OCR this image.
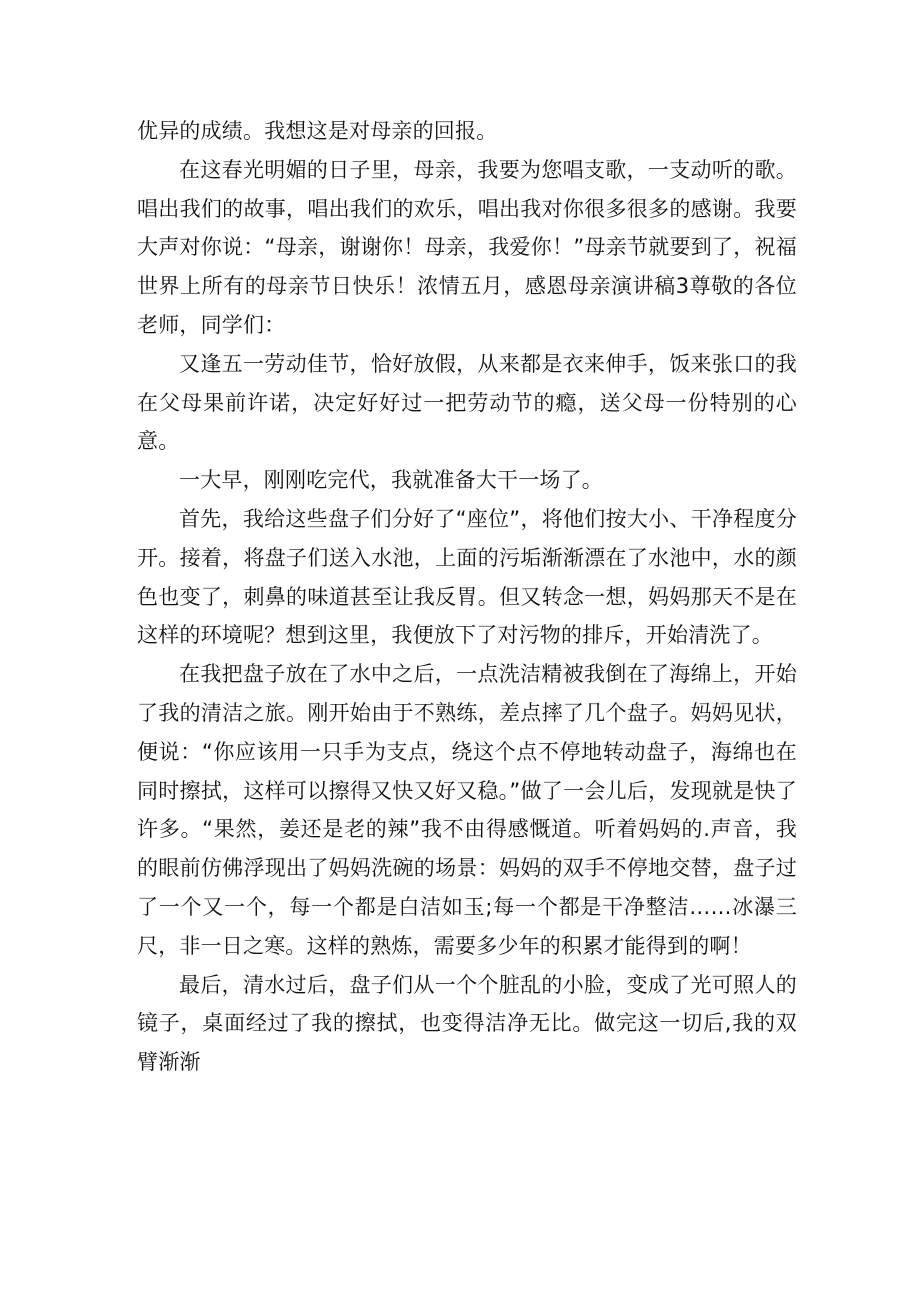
优异的成绩。我想这是对母亲的回报。

在这春光明媚的日子里，母亲，我要为您唱支歌，一支动听的歌。唱出我们的故事，唱出我们的欢乐，唱出我对你很多很多的感谢。我要大声对你说：“母亲，谢谢你！母亲，我爱你！”母亲节就要到了，祝福世界上所有的母亲节日快乐！浓情五月，感恩母亲演讲稿3尊敬的各位老师，同学们：

又逢五一劳动佳节，恰好放假，从来都是衣来伸手，饭来张口的我在父母果前许诺，决定好好过一把劳动节的瘾，送父母一份特别的心意。

一大早，刚刚吃完代，我就准备大干一场了。

首先，我给这些盘子们分好了“座位”，将他们按大小、干净程度分开。接着，将盘子们送入水池，上面的污垢渐渐漂在了水池中，水的颜色也变了，刺鼻的味道甚至让我反胃。但又转念一想，妈妈那天不是在这样的环境呢？想到这里，我便放下了对污物的排斥，开始清洗了。

在我把盘子放在了水中之后，一点洗洁精被我倒在了海绵上，开始了我的清洁之旅。刚开始由于不熟练，差点摔了几个盘子。妈妈见状，便说：“你应该用一只手为支点，绕这个点不停地转动盘子，海绵也在同时擦拭，这样可以擦得又快又好又稳。”做了一会儿后，发现就是快了许多。“果然，姜还是老的辣”我不由得感慨道。听着妈妈的.声音，我的眼前仿佛浮现出了妈妈洗碗的场景：妈妈的双手不停地交替，盘子过了一个又一个，每一个都是白洁如玉;每一个都是干净整洁……冰瀑三尺，非一日之寒。这样的熟炼，需要多少年的积累才能得到的啊！

最后，清水过后，盘子们从一个个脏乱的小脸，变成了光可照人的镜子，桌面经过了我的擦拭，也变得洁净无比。做完这一切后,我的双臂渐渐
